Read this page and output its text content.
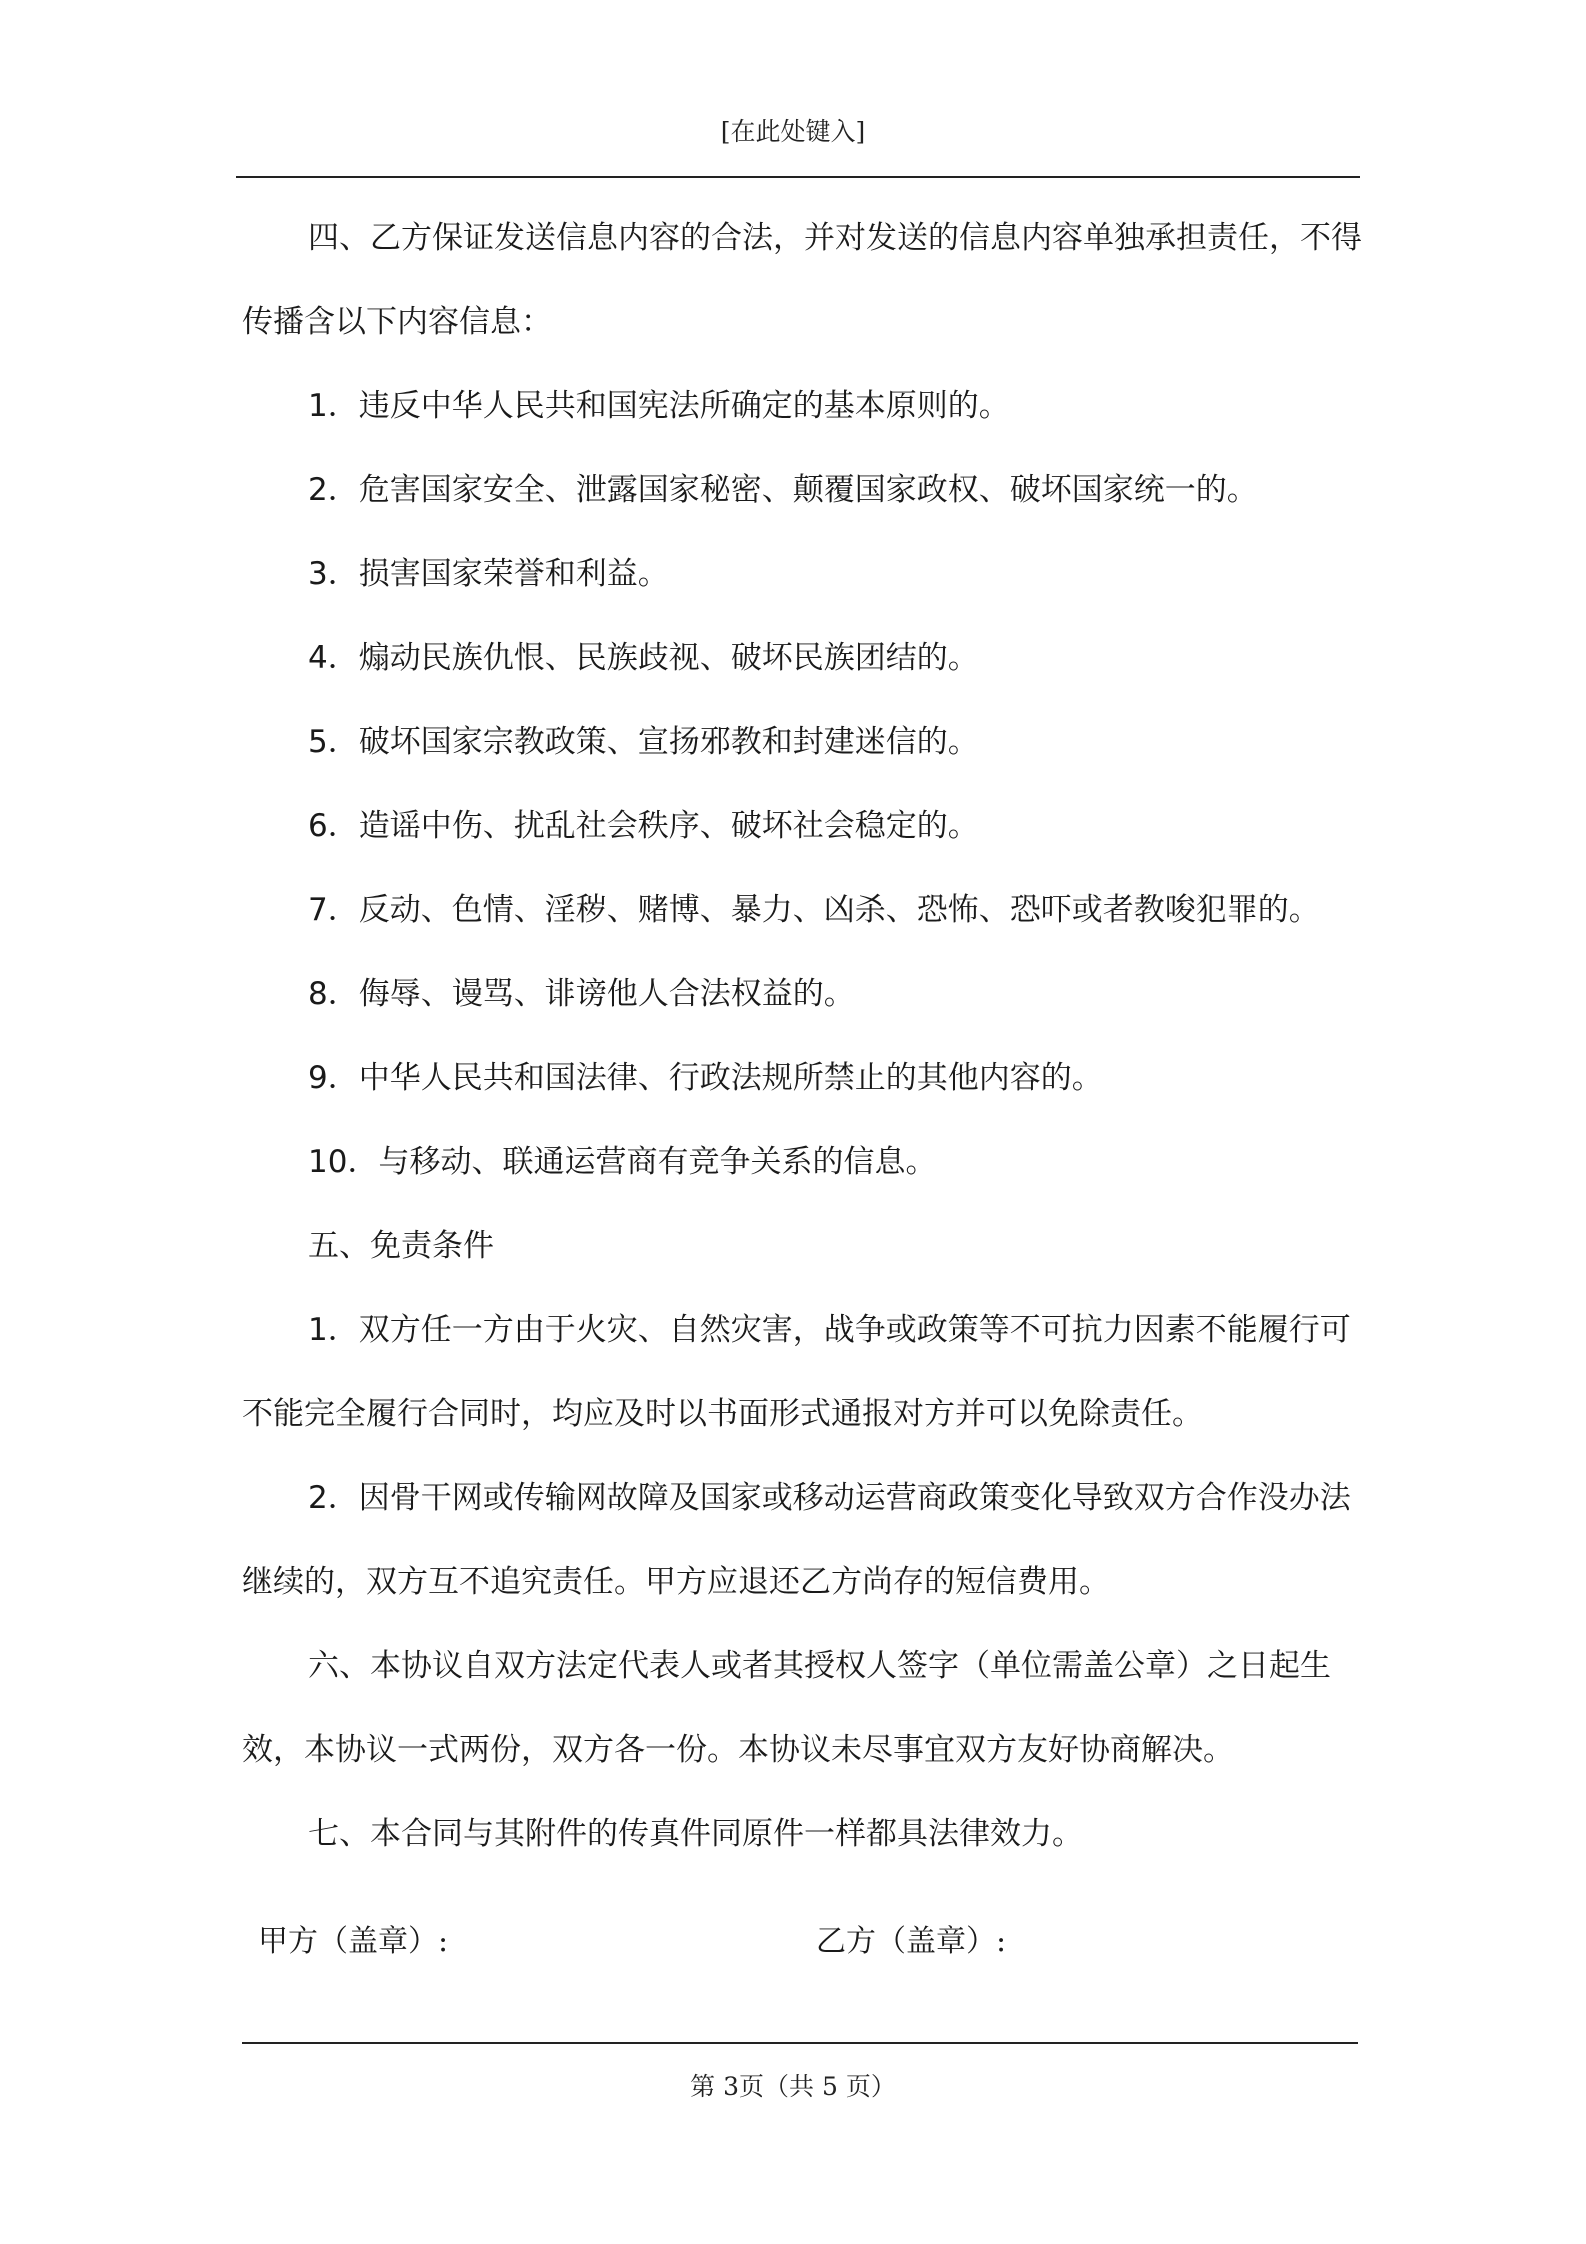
[在此处键入]

四、乙方保证发送信息内容的合法，并对发送的信息内容单独承担责任，不得传播含以下内容信息：

1．违反中华人民共和国宪法所确定的基本原则的。

2．危害国家安全、泄露国家秘密、颠覆国家政权、破坏国家统一的。

3．损害国家荣誉和利益。

4．煽动民族仇恨、民族歧视、破坏民族团结的。

5．破坏国家宗教政策、宣扬邪教和封建迷信的。

6．造谣中伤、扰乱社会秩序、破坏社会稳定的。

7．反动、色情、淫秽、赌博、暴力、凶杀、恐怖、恐吓或者教唆犯罪的。

8．侮辱、谩骂、诽谤他人合法权益的。

9．中华人民共和国法律、行政法规所禁止的其他内容的。

10．与移动、联通运营商有竞争关系的信息。

五、免责条件

1．双方任一方由于火灾、自然灾害，战争或政策等不可抗力因素不能履行可不能完全履行合同时，均应及时以书面形式通报对方并可以免除责任。

2．因骨干网或传输网故障及国家或移动运营商政策变化导致双方合作没办法继续的，双方互不追究责任。甲方应退还乙方尚存的短信费用。

六、本协议自双方法定代表人或者其授权人签字（单位需盖公章）之日起生效，本协议一式两份，双方各一份。本协议未尽事宜双方友好协商解决。

七、本合同与其附件的传真件同原件一样都具法律效力。

甲方（盖章）:	乙方（盖章）:
第 3页（共 5 页）
